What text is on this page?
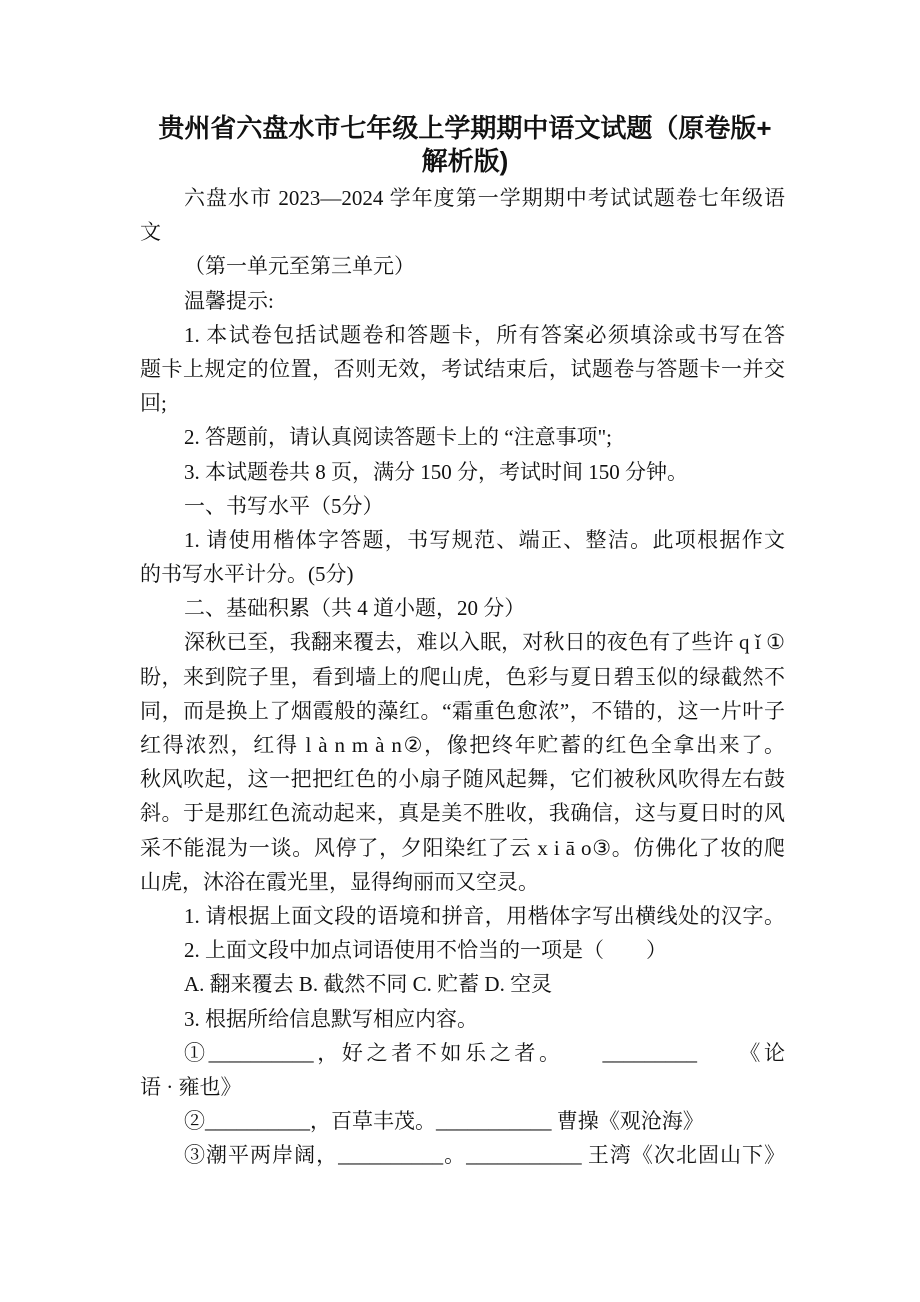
贵州省六盘水市七年级上学期期中语文试题（原卷版+
解析版)
六盘水市 2023—2024 学年度第一学期期中考试试题卷七年级语
文
（第一单元至第三单元）
温馨提示:
1. 本试卷包括试题卷和答题卡，所有答案必须填涂或书写在答
题卡上规定的位置，否则无效，考试结束后，试题卷与答题卡一并交
回;
2. 答题前，请认真阅读答题卡上的 “注意事项";
3. 本试题卷共 8 页，满分 150 分，考试时间 150 分钟。
一、书写水平（5分）
1. 请使用楷体字答题，书写规范、端正、整洁。此项根据作文
的书写水平计分。(5分)
二、基础积累（共 4 道小题，20 分）
深秋已至，我翻来覆去，难以入眠，对秋日的夜色有了些许 q ǐ ①
盼，来到院子里，看到墙上的爬山虎，色彩与夏日碧玉似的绿截然不
同，而是换上了烟霞般的藻红。“霜重色愈浓”，不错的，这一片叶子
红得浓烈，红得 l à n m à n②，像把终年贮蓄的红色全拿出来了。
秋风吹起，这一把把红色的小扇子随风起舞，它们被秋风吹得左右鼓
斜。于是那红色流动起来，真是美不胜收，我确信，这与夏日时的风
采不能混为一谈。风停了，夕阳染红了云 x i ā o③。仿佛化了妆的爬
山虎，沐浴在霞光里，显得绚丽而又空灵。
1. 请根据上面文段的语境和拼音，用楷体字写出横线处的汉字。
2. 上面文段中加点词语使用不恰当的一项是（　　）
A. 翻来覆去 B. 截然不同 C. 贮蓄 D. 空灵
3. 根据所给信息默写相应内容。
①__________，好之者不如乐之者。　　_________　　《论
语 · 雍也》
②__________，百草丰茂。___________ 曹操《观沧海》
③潮平两岸阔，__________。___________ 王湾《次北固山下》
